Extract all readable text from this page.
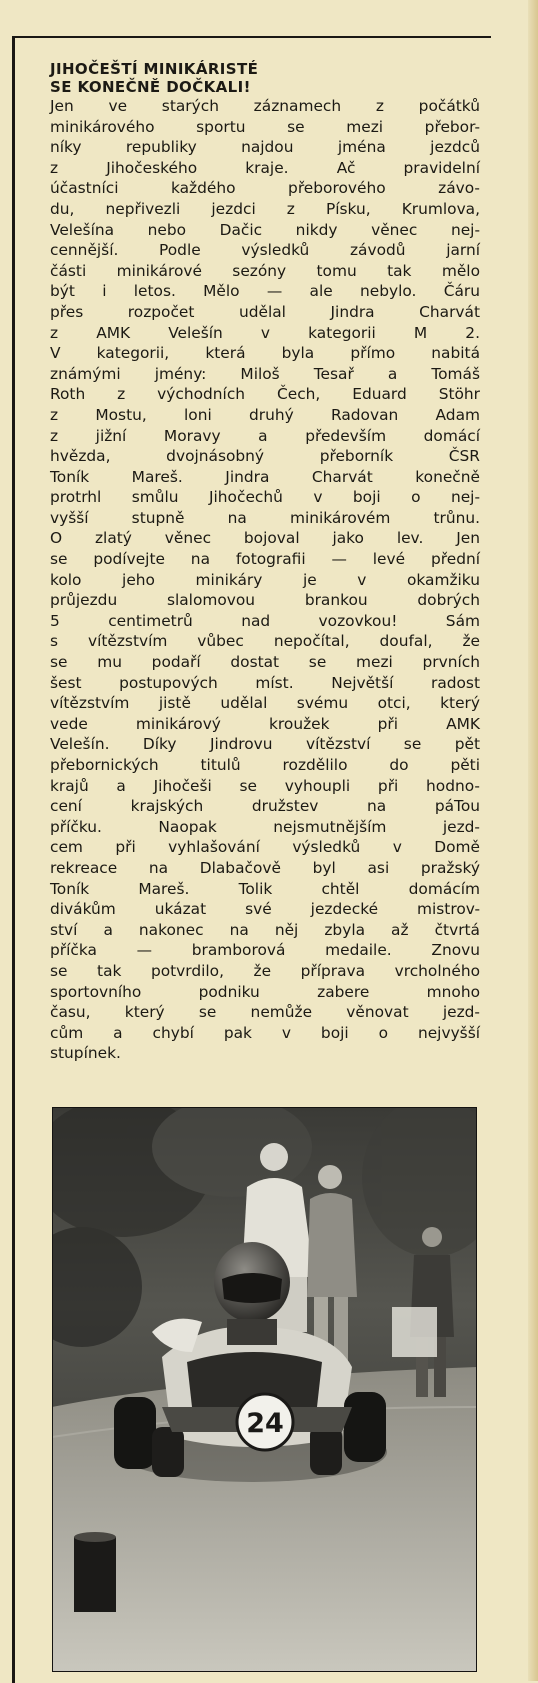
JIHOČEŠTÍ MINIKÁRISTÉ
SE KONEČNĚ DOČKALI!

Jen ve starých záznamech z počátků
minikárového sportu se mezi přebor-
níky republiky najdou jména jezdců
z Jihočeského kraje. Ač pravidelní
účastníci každého přeborového závo-
du, nepřivezli jezdci z Písku, Krumlova,
Velešína nebo Dačic nikdy věnec nej-
cennější. Podle výsledků závodů jarní
části minikárové sezóny tomu tak mělo
být i letos. Mělo — ale nebylo. Čáru
přes rozpočet udělal Jindra Charvát
z AMK Velešín v kategorii M 2.
V kategorii, která byla přímo nabitá
známými jmény: Miloš Tesař a Tomáš
Roth z východních Čech, Eduard Stöhr
z Mostu, loni druhý Radovan Adam
z jižní Moravy a především domácí
hvězda, dvojnásobný přeborník ČSR
Toník Mareš. Jindra Charvát konečně
protrhl smůlu Jihočechů v boji o nej-
vyšší stupně na minikárovém trůnu.
O zlatý věnec bojoval jako lev. Jen
se podívejte na fotografii — levé přední
kolo jeho minikáry je v okamžiku
průjezdu slalomovou brankou dobrých
5 centimetrů nad vozovkou! Sám
s vítězstvím vůbec nepočítal, doufal, že
se mu podaří dostat se mezi prvních
šest postupových míst. Největší radost
vítězstvím jistě udělal svému otci, který
vede minikárový kroužek při AMK
Velešín. Díky Jindrovu vítězství se pět
přebornických titulů rozdělilo do pěti
krajů a Jihočeši se vyhoupli při hodno-
cení krajských družstev na páTou
příčku. Naopak nejsmutnějším jezd-
cem při vyhlašování výsledků v Domě
rekreace na Dlabačově byl asi pražský
Toník Mareš. Tolik chtěl domácím
divákům ukázat své jezdecké mistrov-
ství a nakonec na něj zbyla až čtvrtá
příčka — bramborová medaile. Znovu
se tak potvrdilo, že příprava vrcholného
sportovního podniku zabere mnoho
času, který se nemůže věnovat jezd-
cům a chybí pak v boji o nejvyšší
stupínek.

24
